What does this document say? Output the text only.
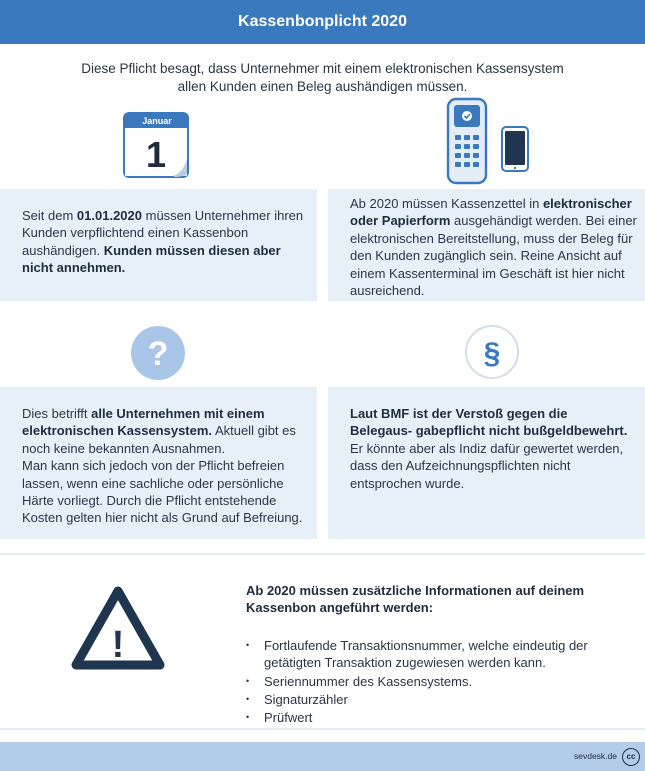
Kassenbonplicht 2020
Diese Pflicht besagt, dass Unternehmer mit einem elektronischen Kassensystem
allen Kunden einen Beleg aushändigen müssen.
Januar
1

Seit dem 01.01.2020 müssen Unternehmer ihren Kunden verpflichtend einen Kassenbon aushändigen. Kunden müssen diesen aber nicht annehmen.

Ab 2020 müssen Kassenzettel in elektronischer oder Papierform ausgehändigt werden. Bei einer elektronischen Bereitstellung, muss der Beleg für den Kunden zugänglich sein. Reine Ansicht auf einem Kassenterminal im Geschäft ist hier nicht ausreichend.

?	§

Dies betrifft alle Unternehmen mit einem elektronischen Kassensystem. Aktuell gibt es noch keine bekannten Ausnahmen.

Man kann sich jedoch von der Pflicht befreien lassen, wenn eine sachliche oder persönliche Härte vorliegt. Durch die Pflicht entstehende Kosten gelten hier nicht als Grund auf Befreiung.

Laut BMF ist der Verstoß gegen die Belegaus- gabepflicht nicht bußgeldbewehrt. Er könnte aber als Indiz dafür gewertet werden, dass den Aufzeichnungspflichten nicht entsprochen wurde.

!
Ab 2020 müssen zusätzliche Informationen auf deinem Kassenbon angeführt werden:
• Fortlaufende Transaktionsnummer, welche eindeutig der getätigten Transaktion zugewiesen werden kann.
• Seriennummer des Kassensystems.
• Signaturzähler
• Prüfwert
sevdesk.de	cc
